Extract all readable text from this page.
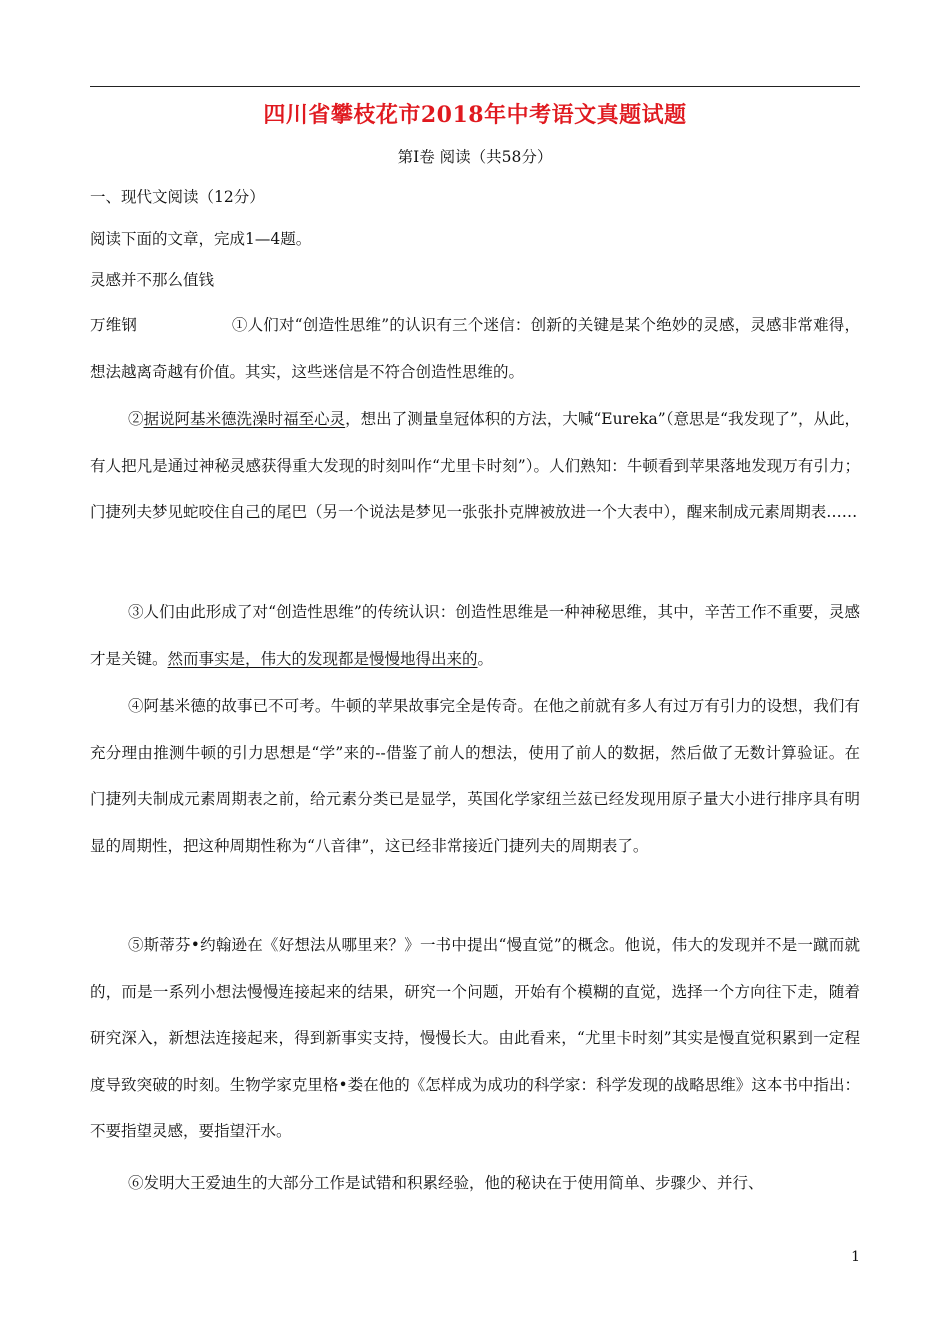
四川省攀枝花市2018年中考语文真题试题
第Ⅰ卷 阅读（共58分）
一、现代文阅读（12分）
阅读下面的文章，完成1—4题。
灵感并不那么值钱
万维钢	①人们对“创造性思维”的认识有三个迷信：创新的关键是某个绝妙的灵感，灵感非常难得，想法越离奇越有价值。其实，这些迷信是不符合创造性思维的。
②据说阿基米德洗澡时福至心灵，想出了测量皇冠体积的方法，大喊“Eureka”（意思是“我发现了”，从此，有人把凡是通过神秘灵感获得重大发现的时刻叫作“尤里卡时刻”）。人们熟知：牛顿看到苹果落地发现万有引力；门捷列夫梦见蛇咬住自己的尾巴（另一个说法是梦见一张张扑克牌被放进一个大表中），醒来制成元素周期表……
③人们由此形成了对“创造性思维”的传统认识：创造性思维是一种神秘思维，其中，辛苦工作不重要，灵感才是关键。然而事实是，伟大的发现都是慢慢地得出来的。
④阿基米德的故事已不可考。牛顿的苹果故事完全是传奇。在他之前就有多人有过万有引力的设想，我们有充分理由推测牛顿的引力思想是“学”来的--借鉴了前人的想法，使用了前人的数据，然后做了无数计算验证。在门捷列夫制成元素周期表之前，给元素分类已是显学，英国化学家纽兰兹已经发现用原子量大小进行排序具有明显的周期性，把这种周期性称为“八音律”，这已经非常接近门捷列夫的周期表了。
⑤斯蒂芬•约翰逊在《好想法从哪里来？》一书中提出“慢直觉”的概念。他说，伟大的发现并不是一蹴而就的，而是一系列小想法慢慢连接起来的结果，研究一个问题，开始有个模糊的直觉，选择一个方向往下走，随着研究深入，新想法连接起来，得到新事实支持，慢慢长大。由此看来，“尤里卡时刻”其实是慢直觉积累到一定程度导致突破的时刻。生物学家克里格•娄在他的《怎样成为成功的科学家：科学发现的战略思维》这本书中指出：不要指望灵感，要指望汗水。
⑥发明大王爱迪生的大部分工作是试错和积累经验，他的秘诀在于使用简单、步骤少、并行、
1
